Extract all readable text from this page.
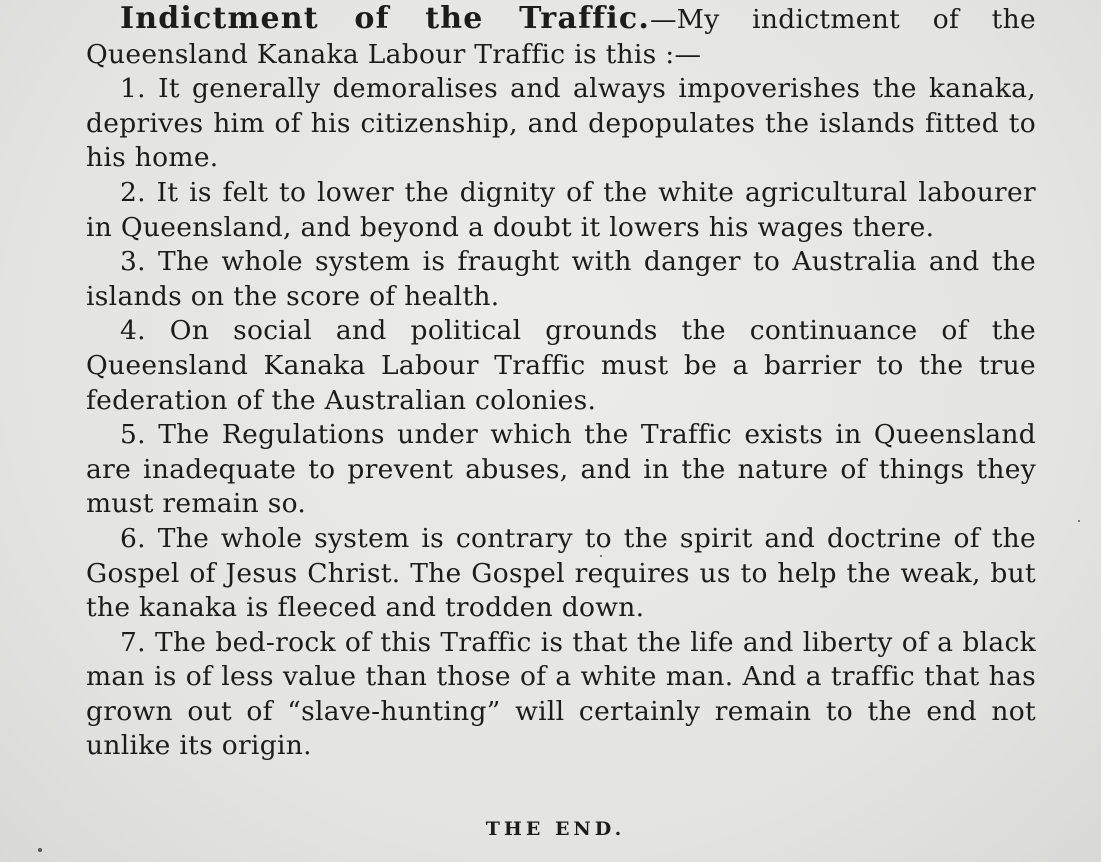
Indictment of the Traffic.—My indictment of the Queensland Kanaka Labour Traffic is this :—

1. It generally demoralises and always impoverishes the kanaka, deprives him of his citizenship, and depopulates the islands fitted to his home.

2. It is felt to lower the dignity of the white agricultural labourer in Queensland, and beyond a doubt it lowers his wages there.

3. The whole system is fraught with danger to Australia and the islands on the score of health.

4. On social and political grounds the continuance of the Queensland Kanaka Labour Traffic must be a barrier to the true federation of the Australian colonies.

5. The Regulations under which the Traffic exists in Queensland are inadequate to prevent abuses, and in the nature of things they must remain so.

6. The whole system is contrary to the spirit and doctrine of the Gospel of Jesus Christ. The Gospel requires us to help the weak, but the kanaka is fleeced and trodden down.

7. The bed-rock of this Traffic is that the life and liberty of a black man is of less value than those of a white man. And a traffic that has grown out of “slave-hunting” will certainly remain to the end not unlike its origin.

THE END.
